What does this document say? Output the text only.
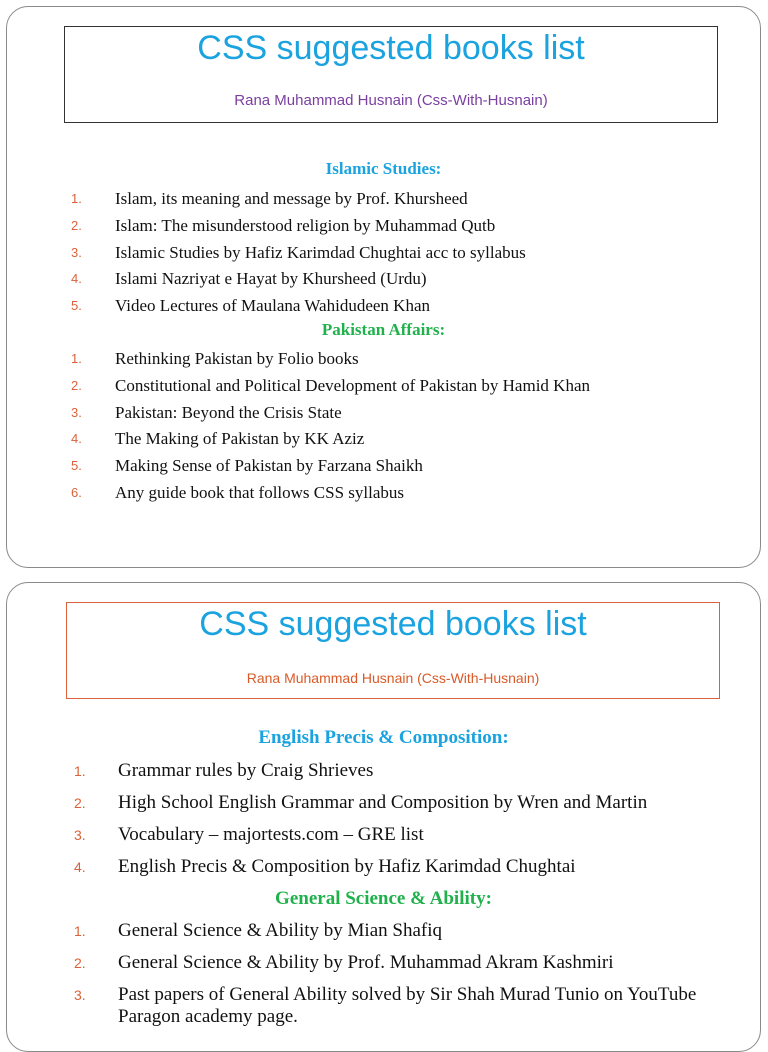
CSS suggested books list
Rana Muhammad Husnain (Css-With-Husnain)
Islamic Studies:
1. Islam, its meaning and message by Prof. Khursheed
2. Islam: The misunderstood religion by Muhammad Qutb
3. Islamic Studies by Hafiz Karimdad Chughtai acc to syllabus
4. Islami Nazriyat e Hayat by Khursheed (Urdu)
5. Video Lectures of Maulana Wahidudeen Khan
Pakistan Affairs:
1. Rethinking Pakistan by Folio books
2. Constitutional and Political Development of Pakistan by Hamid Khan
3. Pakistan: Beyond the Crisis State
4. The Making of Pakistan by KK Aziz
5. Making Sense of Pakistan by Farzana Shaikh
6. Any guide book that follows CSS syllabus
CSS suggested books list
Rana Muhammad Husnain (Css-With-Husnain)
English Precis & Composition:
1. Grammar rules by Craig Shrieves
2. High School English Grammar and Composition by Wren and Martin
3. Vocabulary – majortests.com – GRE list
4. English Precis & Composition by Hafiz Karimdad Chughtai
General Science & Ability:
1. General Science & Ability by Mian Shafiq
2. General Science & Ability by Prof. Muhammad Akram Kashmiri
3. Past papers of General Ability solved by Sir Shah Murad Tunio on YouTube Paragon academy page.
